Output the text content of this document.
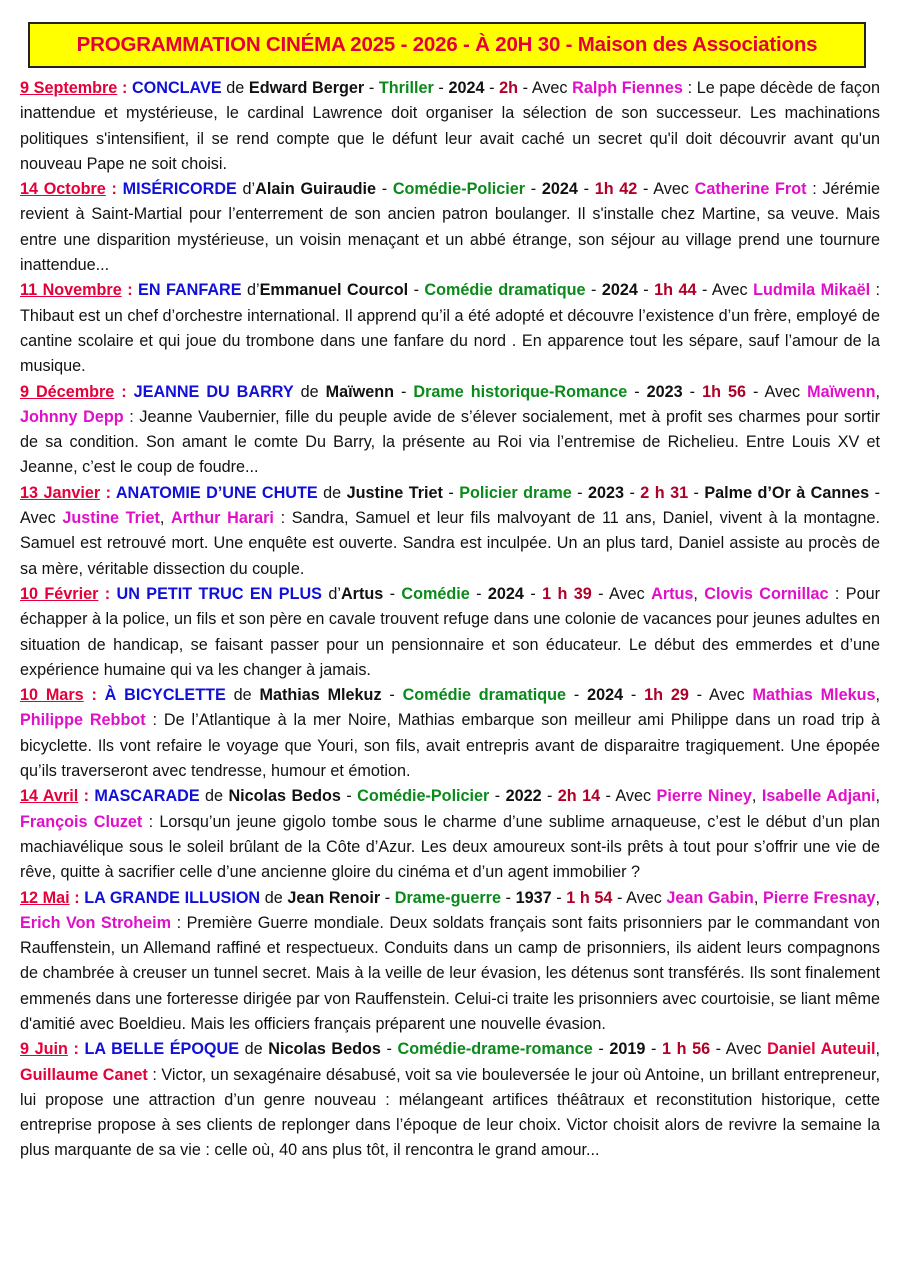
PROGRAMMATION CINÉMA 2025 - 2026 - À 20H 30 - Maison des Associations

9 Septembre : CONCLAVE de Edward Berger - Thriller - 2024 - 2h - Avec Ralph Fiennes : Le pape décède de façon inattendue et mystérieuse, le cardinal Lawrence doit organiser la sélection de son successeur. Les machinations politiques s'intensifient, il se rend compte que le défunt leur avait caché un secret qu'il doit découvrir avant qu'un nouveau Pape ne soit choisi.

14 Octobre : MISÉRICORDE d’Alain Guiraudie - Comédie-Policier - 2024 - 1h 42 - Avec Catherine Frot : Jérémie revient à Saint-Martial pour l’enterrement de son ancien patron boulanger. Il s'installe chez Martine, sa veuve. Mais entre une disparition mystérieuse, un voisin menaçant et un abbé étrange, son séjour au village prend une tournure inattendue...

11 Novembre : EN FANFARE d’Emmanuel Courcol - Comédie dramatique - 2024 - 1h 44 - Avec Ludmila Mikaël : Thibaut est un chef d’orchestre international. Il apprend qu’il a été adopté et découvre l’existence d’un frère, employé de cantine scolaire et qui joue du trombone dans une fanfare du nord . En apparence tout les sépare, sauf l’amour de la musique.

9 Décembre : JEANNE DU BARRY de Maïwenn - Drame historique-Romance - 2023 - 1h 56 - Avec Maïwenn, Johnny Depp : Jeanne Vaubernier, fille du peuple avide de s’élever socialement, met à profit ses charmes pour sortir de sa condition. Son amant le comte Du Barry, la présente au Roi via l’entremise de Richelieu. Entre Louis XV et Jeanne, c’est le coup de foudre...

13 Janvier : ANATOMIE D’UNE CHUTE de Justine Triet - Policier drame - 2023 - 2 h 31 - Palme d’Or à Cannes - Avec Justine Triet, Arthur Harari : Sandra, Samuel et leur fils malvoyant de 11 ans, Daniel, vivent à la montagne. Samuel est retrouvé mort. Une enquête est ouverte. Sandra est inculpée. Un an plus tard, Daniel assiste au procès de sa mère, véritable dissection du couple.

10 Février : UN PETIT TRUC EN PLUS d’Artus - Comédie - 2024 - 1 h 39 - Avec Artus, Clovis Cornillac : Pour échapper à la police, un fils et son père en cavale trouvent refuge dans une colonie de vacances pour jeunes adultes en situation de handicap, se faisant passer pour un pensionnaire et son éducateur. Le début des emmerdes et d’une expérience humaine qui va les changer à jamais.

10 Mars : À BICYCLETTE de Mathias Mlekuz - Comédie dramatique - 2024 - 1h 29 - Avec Mathias Mlekus, Philippe Rebbot : De l’Atlantique à la mer Noire, Mathias embarque son meilleur ami Philippe dans un road trip à bicyclette. Ils vont refaire le voyage que Youri, son fils, avait entrepris avant de disparaitre tragiquement. Une épopée qu’ils traverseront avec tendresse, humour et émotion.

14 Avril : MASCARADE de Nicolas Bedos - Comédie-Policier - 2022 - 2h 14 - Avec Pierre Niney, Isabelle Adjani, François Cluzet : Lorsqu’un jeune gigolo tombe sous le charme d’une sublime arnaqueuse, c’est le début d’un plan machiavélique sous le soleil brûlant de la Côte d’Azur. Les deux amoureux sont-ils prêts à tout pour s’offrir une vie de rêve, quitte à sacrifier celle d’une ancienne gloire du cinéma et d’un agent immobilier ?

12 Mai : LA GRANDE ILLUSION de Jean Renoir - Drame-guerre - 1937 - 1 h 54 - Avec Jean Gabin, Pierre Fresnay, Erich Von Stroheim : Première Guerre mondiale. Deux soldats français sont faits prisonniers par le commandant von Rauffenstein, un Allemand raffiné et respectueux. Conduits dans un camp de prisonniers, ils aident leurs compagnons de chambrée à creuser un tunnel secret. Mais à la veille de leur évasion, les détenus sont transférés. Ils sont finalement emmenés dans une forteresse dirigée par von Rauffenstein. Celui-ci traite les prisonniers avec courtoisie, se liant même d'amitié avec Boeldieu. Mais les officiers français préparent une nouvelle évasion.

9 Juin : LA BELLE ÉPOQUE de Nicolas Bedos - Comédie-drame-romance - 2019 - 1 h 56 - Avec Daniel Auteuil, Guillaume Canet : Victor, un sexagénaire désabusé, voit sa vie bouleversée le jour où Antoine, un brillant entrepreneur, lui propose une attraction d’un genre nouveau : mélangeant artifices théâtraux et reconstitution historique, cette entreprise propose à ses clients de replonger dans l’époque de leur choix. Victor choisit alors de revivre la semaine la plus marquante de sa vie : celle où, 40 ans plus tôt, il rencontra le grand amour...
